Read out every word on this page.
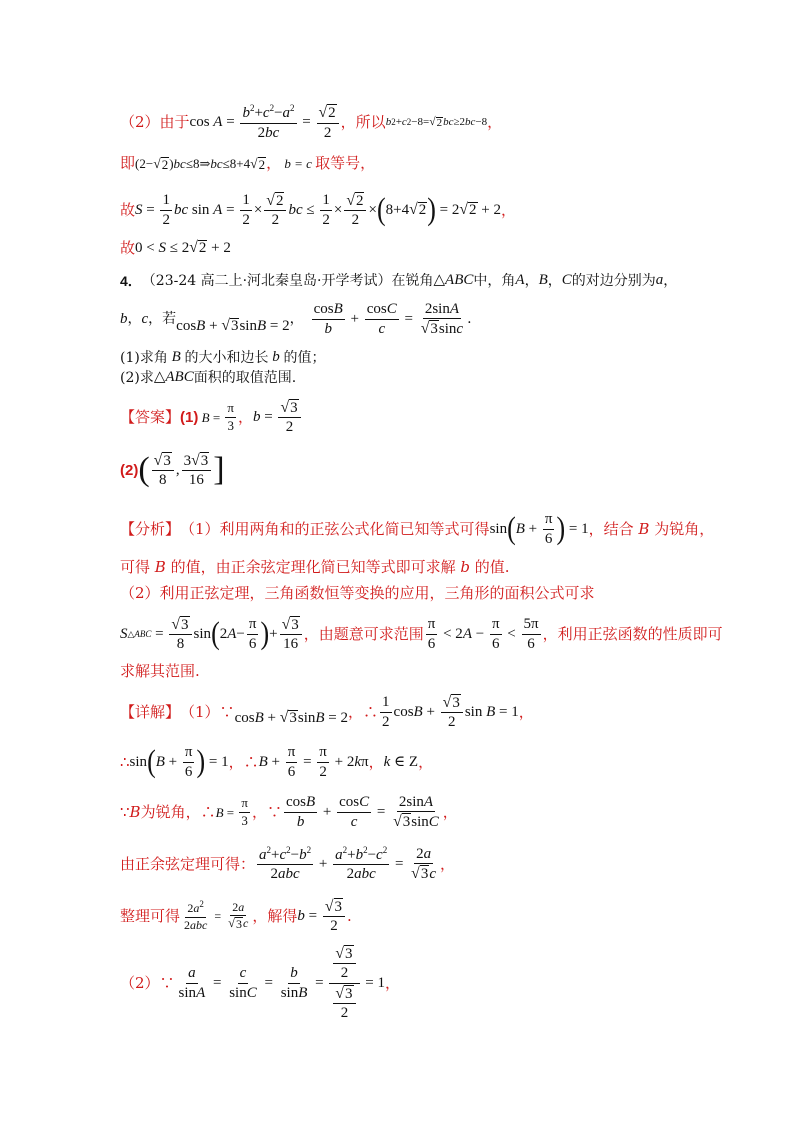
（2）由于 $\cos A = \frac{b^2+c^2-a^2}{2bc} = \frac{√ 2}{2}$ ，所以 b 2 + c 2 −8= √ 2 bc ≥2 bc −8 ，
即 (2− √ 2 ) bc ≤8⇒ bc ≤8+4 √ 2 ， b = c 取等号，
故 $S = \frac{1}{2}$ bc $\sin A = \frac{1}{2} \times \frac{√ 2}{2}$ bc ≤ $\frac{1}{2} \times \frac{√ 2}{2}$ × ( 8+4 √ 2 ) = 2 √ 2 + 2 ，
故 0 < S ≤ 2 √ 2 + 2
4． （23-24 高二上·河北秦皇岛·开学考试） 在锐角 △ABC 中，角 A ， B ， C 的对边分别为 a ，
b ， c ，若 cos B + √ 3 sin B = 2 ， $\frac{\cos B}{b} + \frac{\cos C}{c} = \frac{2\sin A}{√ 3 \sin c}$ .
(1)求角 B 的大小和边长 b 的值；
(2)求 △ABC 面积的取值范围.
【答案】 (1)
$B = \frac{\pi}{3}$ ， $b = \frac{√ 3}{2}$
(2) ( $\frac{√ 3}{8}$ , $\frac{3 √ 3}{16}$ ]
【分析】 （1）利用两角和的正弦公式化简已知等式可得 sin ( $B + \frac{\pi}{6}$ ) = 1 ，结合 B 为锐角，
可得 B 的值，由正余弦定理化简已知等式即可求解 b 的值.
（2）利用正弦定理，三角函数恒等变换的应用，三角形的面积公式可求
S △ABC = $\frac{√ 3}{8}$ sin ( 2 $A - \frac{\pi}{6}$ ) + $\frac{√ 3}{16}$ ，由题意可求范围 $\frac{\pi}{6} < 2$ $A - \frac{\pi}{6} < \frac{5\pi}{6}$ ，利用正弦函数的性质即可
求解其范围.
【详解】 （1）∵ cos B + √ 3 sin B = 2 ，∴ $\frac{1}{2}$ $\cos B + \frac{√ 3}{2}$ sin B = 1 ，
∴ sin ( $B + \frac{\pi}{6}$ ) = 1 ，∴ $B + \frac{\pi}{6} = \frac{\pi}{2} + 2$ k π ， k ∈ Z ，
∵ B 为锐角，∴ $B = \frac{\pi}{3}$ ，∵ $\frac{\cos B}{b} + \frac{\cos C}{c} = \frac{2\sin A}{√ 3 \sin C}$ ，
由正余弦定理可得： $\frac{a^2+c^2-b^2}{\text{2abc}} + \frac{a^2+b^2-c^2}{\text{2abc}} = \frac{2a}{√ 3 c}$ ，
整理可得 $\frac{2a^2}{\text{2abc}} = \frac{2a}{√ 3 c}$ ，解得 $b = \frac{√ 3}{2}$ .
（2）∵ $\frac{a}{\sin A} = \frac{c}{\sin C} = \frac{b}{\sin B} = \frac{\frac{√ 3}{2}}{\frac{√ 3}{2}} = 1$ ，
